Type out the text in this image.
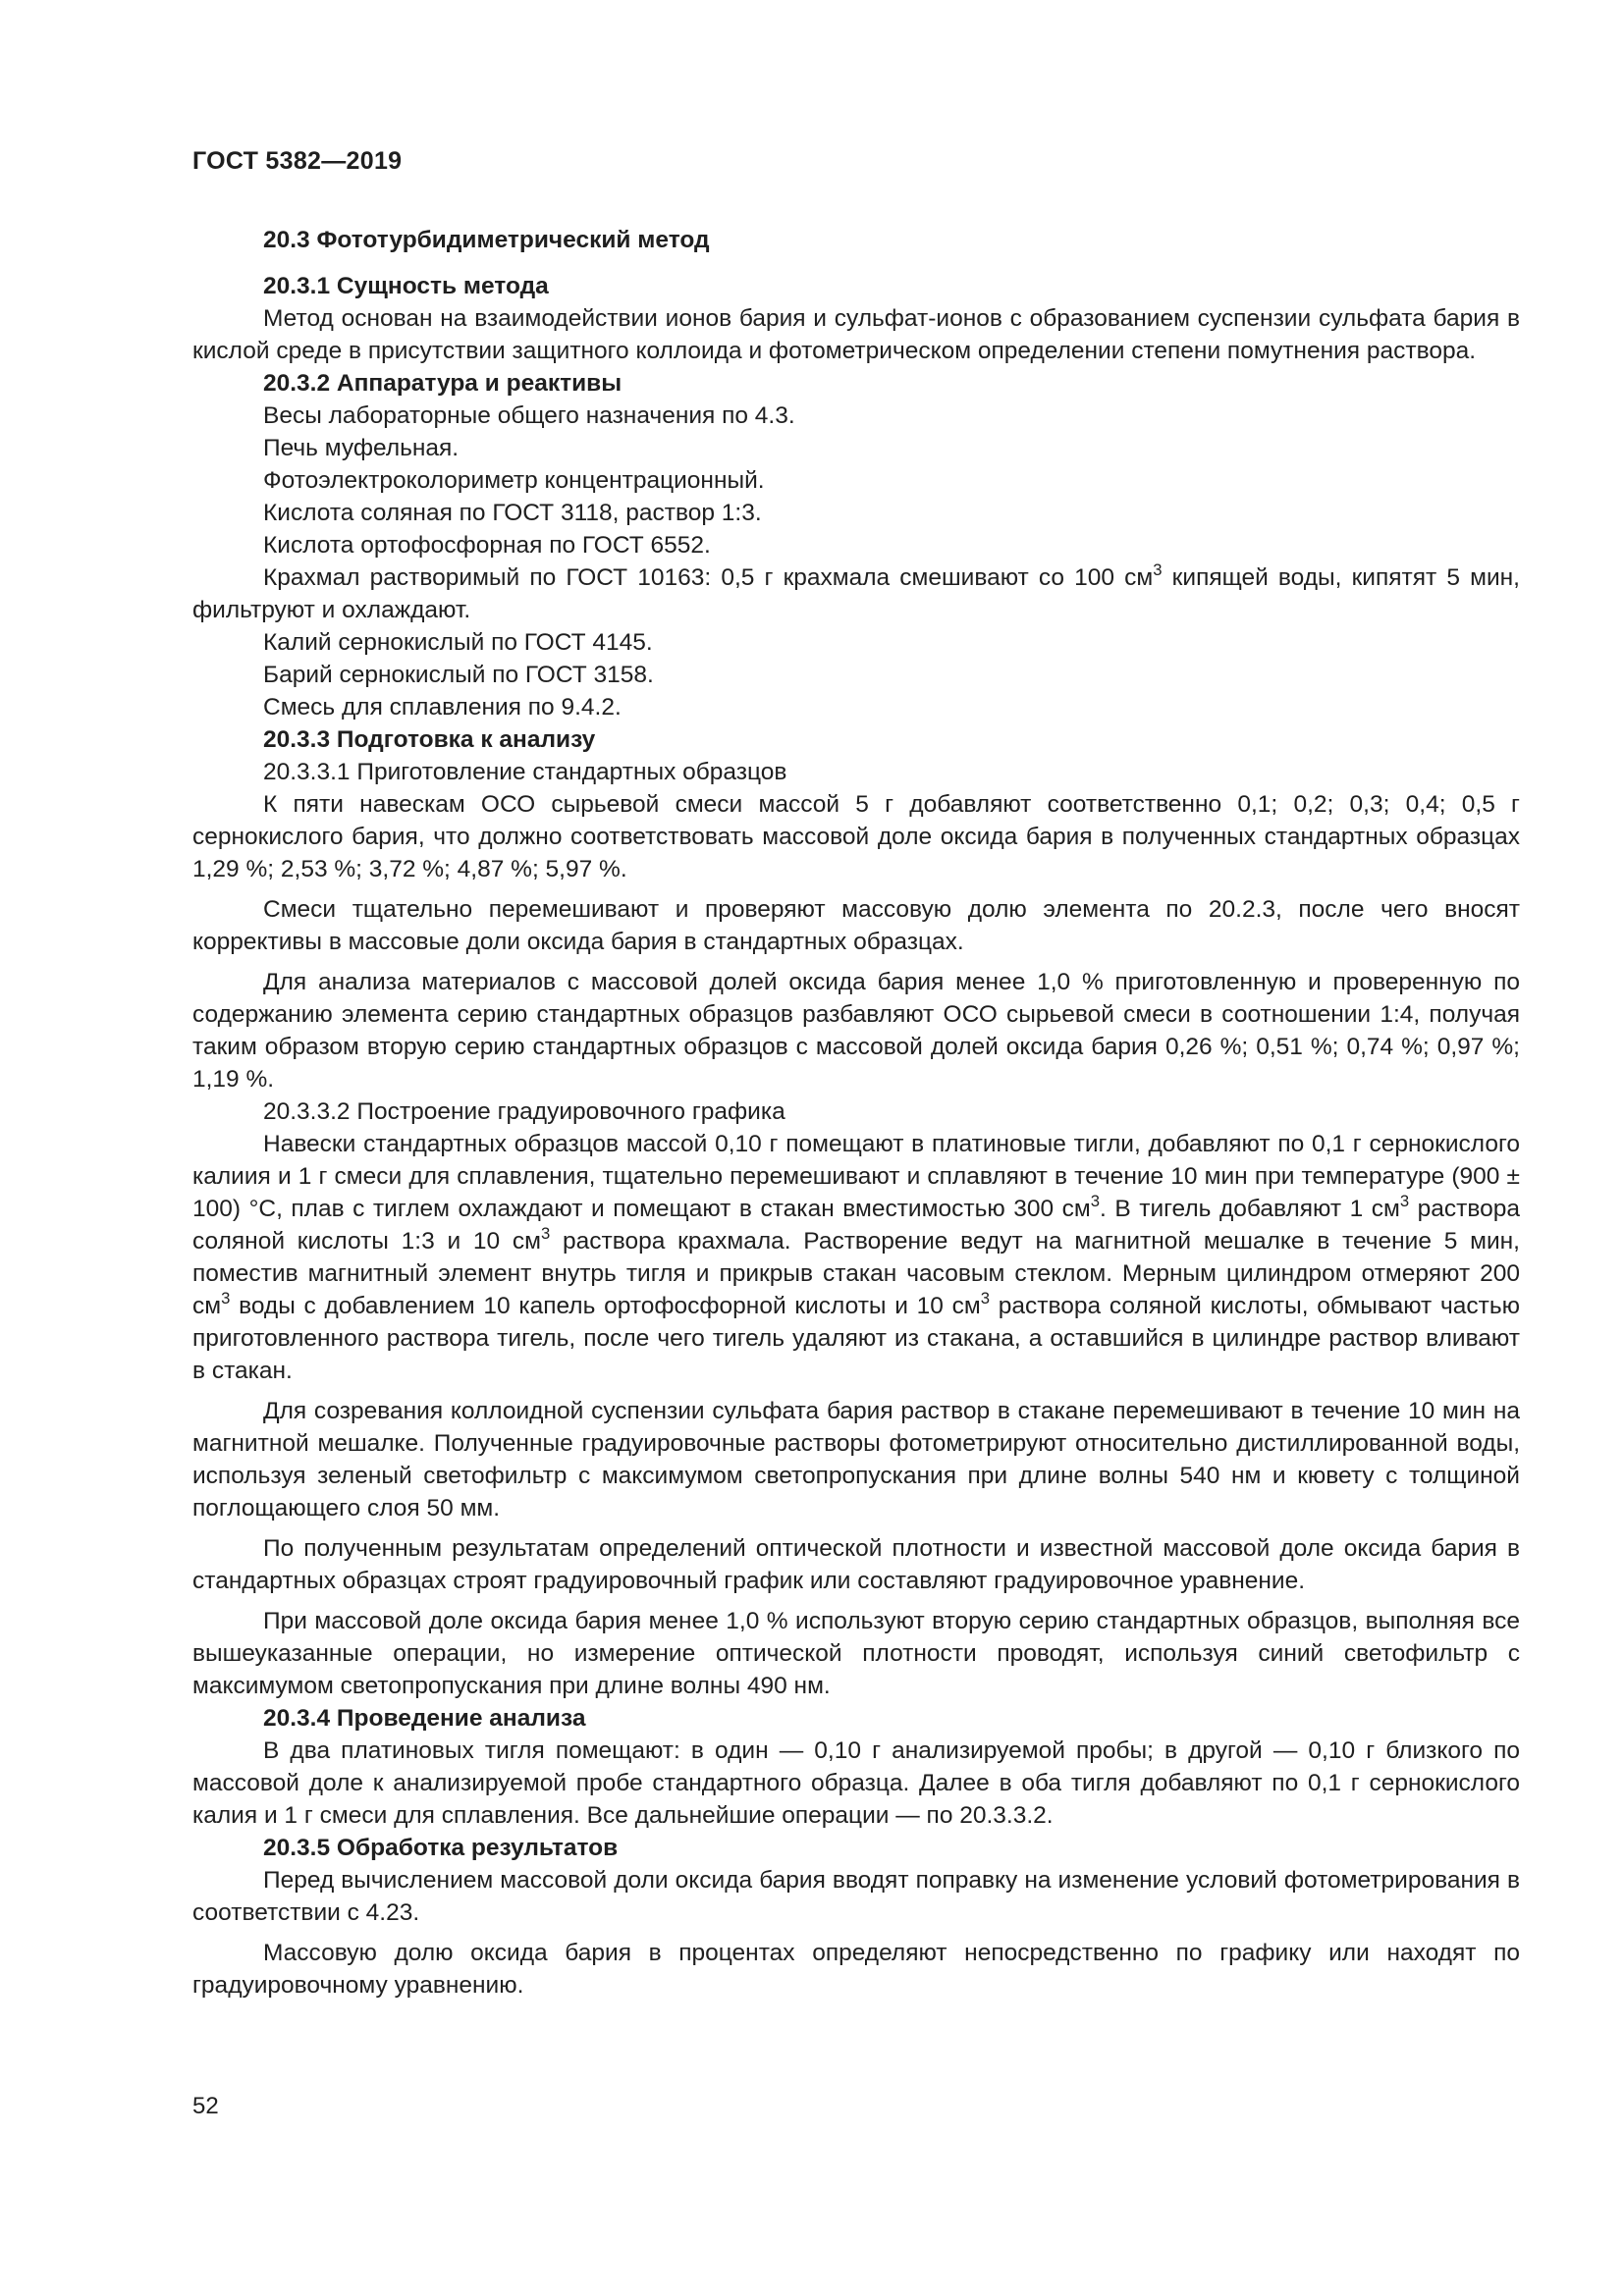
ГОСТ 5382—2019
20.3 Фототурбидиметрический метод
20.3.1 Сущность метода

Метод основан на взаимодействии ионов бария и сульфат-ионов с образованием суспензии сульфата бария в кислой среде в присутствии защитного коллоида и фотометрическом определении степени помутнения раствора.

20.3.2 Аппаратура и реактивы

Весы лабораторные общего назначения по 4.3.

Печь муфельная.

Фотоэлектроколориметр концентрационный.

Кислота соляная по ГОСТ 3118, раствор 1:3.

Кислота ортофосфорная по ГОСТ 6552.

Крахмал растворимый по ГОСТ 10163: 0,5 г крахмала смешивают со 100 $см^3$ кипящей воды, кипятят 5 мин, фильтруют и охлаждают.

Калий сернокислый по ГОСТ 4145.

Барий сернокислый по ГОСТ 3158.

Смесь для сплавления по 9.4.2.

20.3.3 Подготовка к анализу

20.3.3.1 Приготовление стандартных образцов

К пяти навескам ОСО сырьевой смеси массой 5 г добавляют соответственно 0,1; 0,2; 0,3; 0,4; 0,5 г сернокислого бария, что должно соответствовать массовой доле оксида бария в полученных стандартных образцах 1,29 %; 2,53 %; 3,72 %; 4,87 %; 5,97 %.

Смеси тщательно перемешивают и проверяют массовую долю элемента по 20.2.3, после чего вносят коррективы в массовые доли оксида бария в стандартных образцах.

Для анализа материалов с массовой долей оксида бария менее 1,0 % приготовленную и проверенную по содержанию элемента серию стандартных образцов разбавляют ОСО сырьевой смеси в соотношении 1:4, получая таким образом вторую серию стандартных образцов с массовой долей оксида бария 0,26 %; 0,51 %; 0,74 %; 0,97 %; 1,19 %.

20.3.3.2 Построение градуировочного графика

Навески стандартных образцов массой 0,10 г помещают в платиновые тигли, добавляют по 0,1 г сернокислого калиия и 1 г смеси для сплавления, тщательно перемешивают и сплавляют в течение 10 мин при температуре (900 ± 100) °С, плав с тиглем охлаждают и помещают в стакан вместимостью 300 $см^3$. В тигель добавляют 1 $см^3$ раствора соляной кислоты 1:3 и 10 $см^3$ раствора крахмала. Растворение ведут на магнитной мешалке в течение 5 мин, поместив магнитный элемент внутрь тигля и прикрыв стакан часовым стеклом. Мерным цилиндром отмеряют 200 $см^3$ воды с добавлением 10 капель ортофосфорной кислоты и 10 $см^3$ раствора соляной кислоты, обмывают частью приготовленного раствора тигель, после чего тигель удаляют из стакана, а оставшийся в цилиндре раствор вливают в стакан.

Для созревания коллоидной суспензии сульфата бария раствор в стакане перемешивают в течение 10 мин на магнитной мешалке. Полученные градуировочные растворы фотометрируют относительно дистиллированной воды, используя зеленый светофильтр с максимумом светопропускания при длине волны 540 нм и кювету с толщиной поглощающего слоя 50 мм.

По полученным результатам определений оптической плотности и известной массовой доле оксида бария в стандартных образцах строят градуировочный график или составляют градуировочное уравнение.

При массовой доле оксида бария менее 1,0 % используют вторую серию стандартных образцов, выполняя все вышеуказанные операции, но измерение оптической плотности проводят, используя синий светофильтр с максимумом светопропускания при длине волны 490 нм.

20.3.4 Проведение анализа

В два платиновых тигля помещают: в один — 0,10 г анализируемой пробы; в другой — 0,10 г близкого по массовой доле к анализируемой пробе стандартного образца. Далее в оба тигля добавляют по 0,1 г сернокислого калия и 1 г смеси для сплавления. Все дальнейшие операции — по 20.3.3.2.

20.3.5 Обработка результатов

Перед вычислением массовой доли оксида бария вводят поправку на изменение условий фотометрирования в соответствии с 4.23.

Массовую долю оксида бария в процентах определяют непосредственно по графику или находят по градуировочному уравнению.

52
